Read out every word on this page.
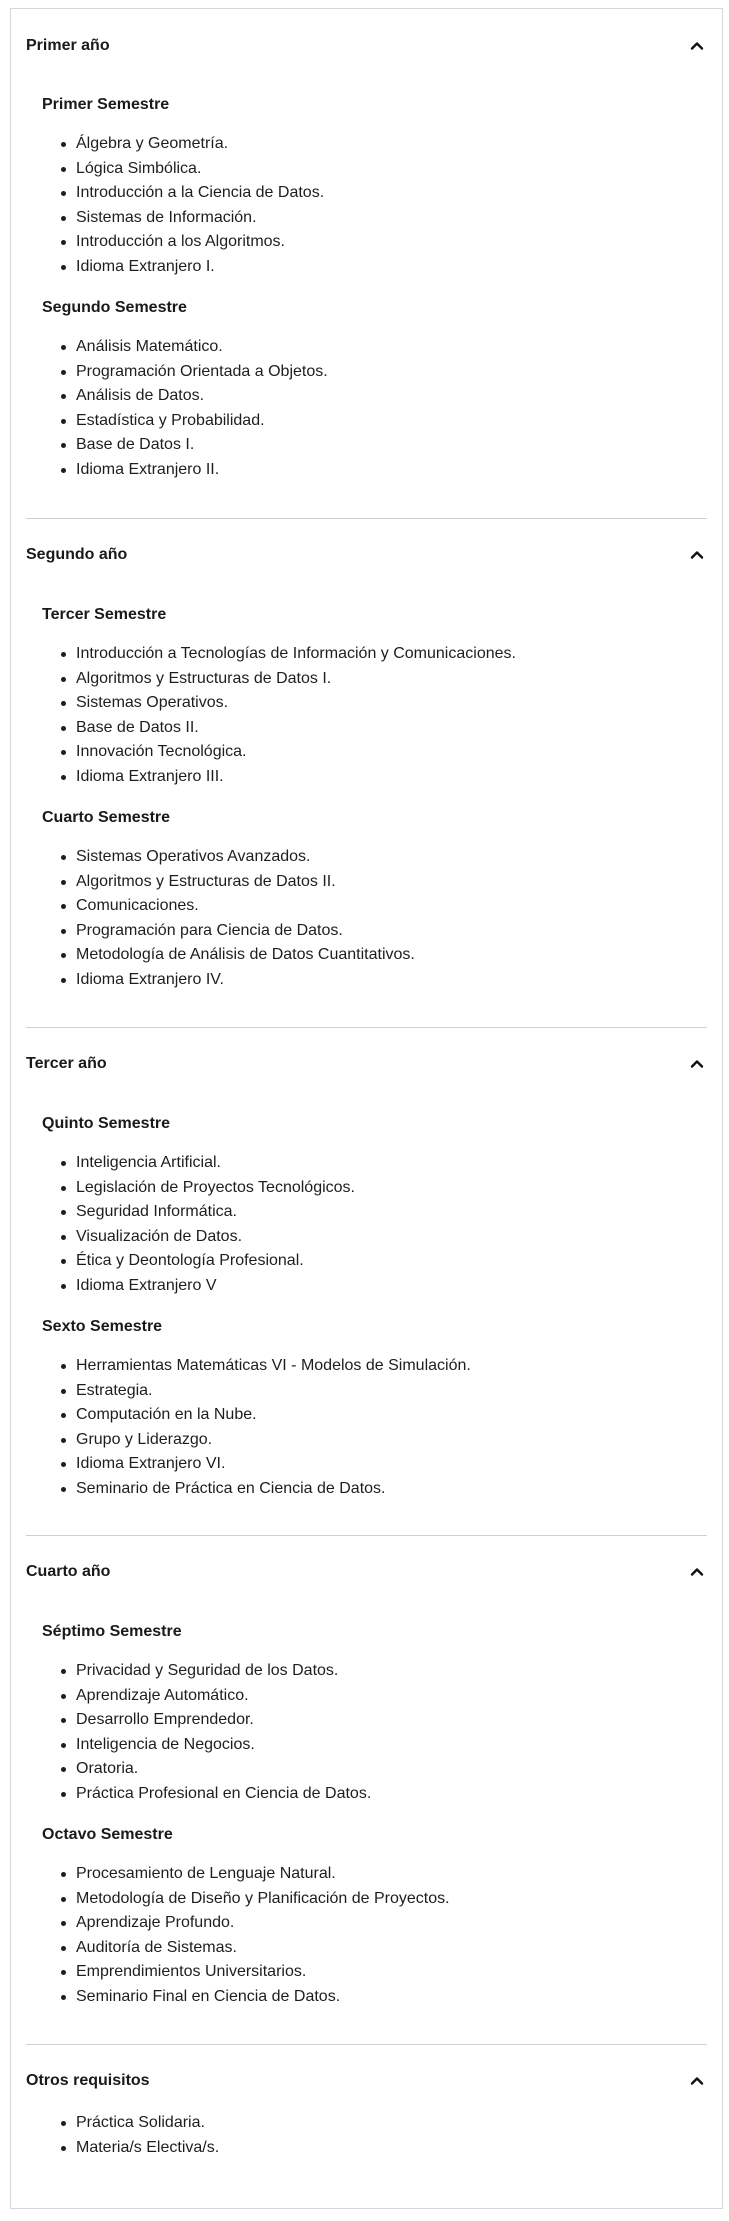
Primer año
Primer Semestre
Álgebra y Geometría.
Lógica Simbólica.
Introducción a la Ciencia de Datos.
Sistemas de Información.
Introducción a los Algoritmos.
Idioma Extranjero I.
Segundo Semestre
Análisis Matemático.
Programación Orientada a Objetos.
Análisis de Datos.
Estadística y Probabilidad.
Base de Datos I.
Idioma Extranjero II.
Segundo año
Tercer Semestre
Introducción a Tecnologías de Información y Comunicaciones.
Algoritmos y Estructuras de Datos I.
Sistemas Operativos.
Base de Datos II.
Innovación Tecnológica.
Idioma Extranjero III.
Cuarto Semestre
Sistemas Operativos Avanzados.
Algoritmos y Estructuras de Datos II.
Comunicaciones.
Programación para Ciencia de Datos.
Metodología de Análisis de Datos Cuantitativos.
Idioma Extranjero IV.
Tercer año
Quinto Semestre
Inteligencia Artificial.
Legislación de Proyectos Tecnológicos.
Seguridad Informática.
Visualización de Datos.
Ética y Deontología Profesional.
Idioma Extranjero V
Sexto Semestre
Herramientas Matemáticas VI - Modelos de Simulación.
Estrategia.
Computación en la Nube.
Grupo y Liderazgo.
Idioma Extranjero VI.
Seminario de Práctica en Ciencia de Datos.
Cuarto año
Séptimo Semestre
Privacidad y Seguridad de los Datos.
Aprendizaje Automático.
Desarrollo Emprendedor.
Inteligencia de Negocios.
Oratoria.
Práctica Profesional en Ciencia de Datos.
Octavo Semestre
Procesamiento de Lenguaje Natural.
Metodología de Diseño y Planificación de Proyectos.
Aprendizaje Profundo.
Auditoría de Sistemas.
Emprendimientos Universitarios.
Seminario Final en Ciencia de Datos.
Otros requisitos
Práctica Solidaria.
Materia/s Electiva/s.
